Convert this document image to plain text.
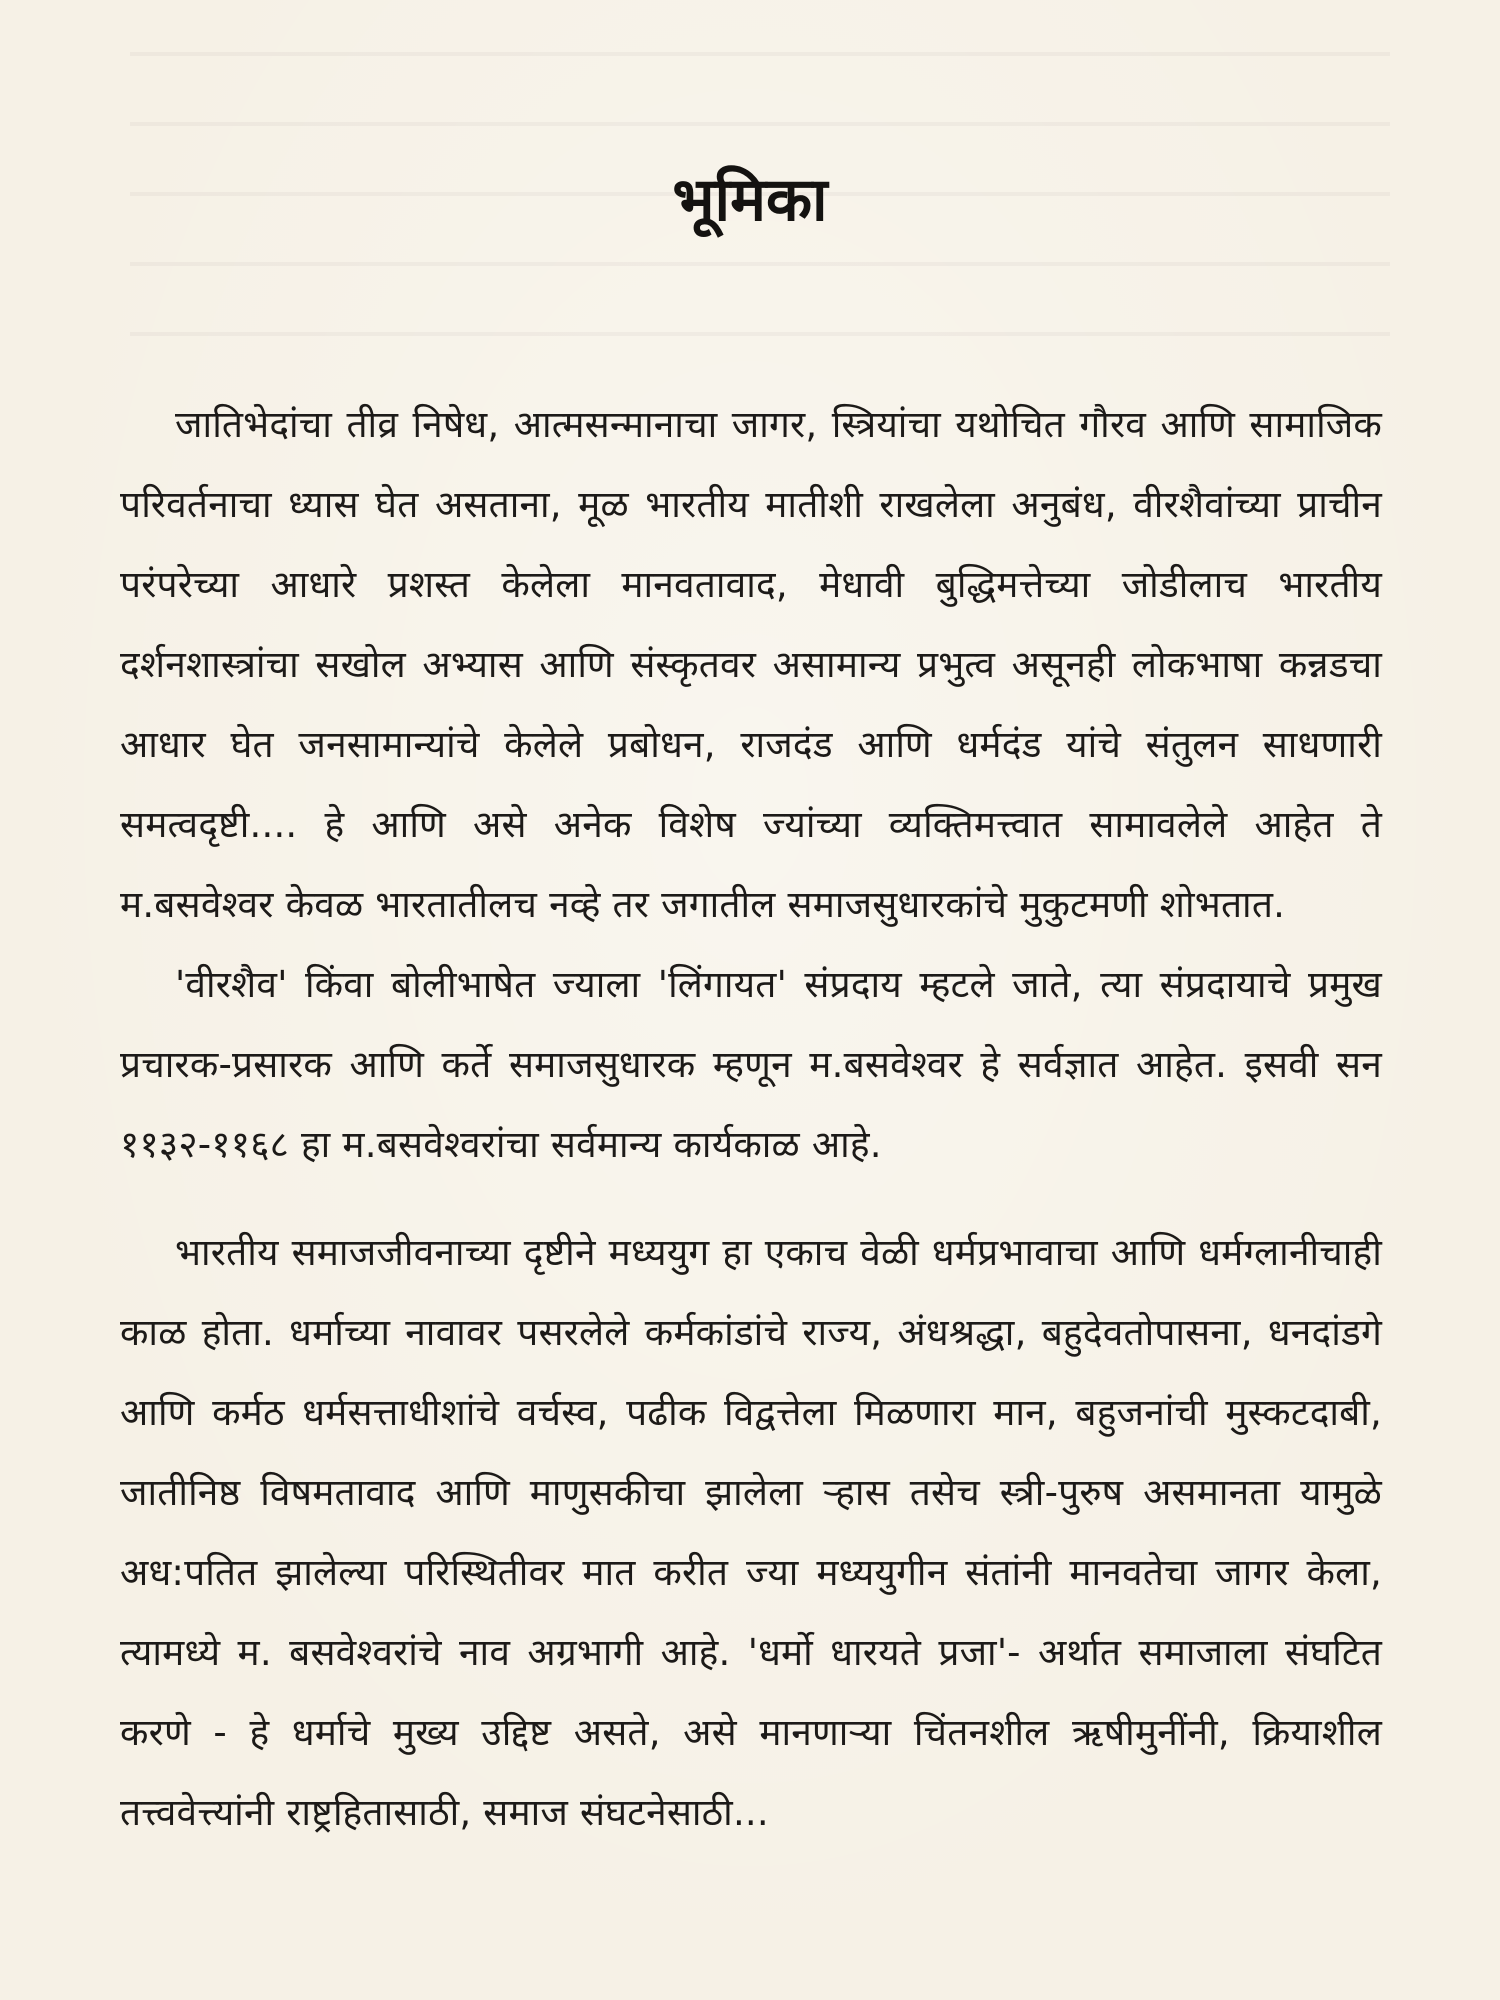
भूमिका

जातिभेदांचा तीव्र निषेध, आत्मसन्मानाचा जागर, स्त्रियांचा यथोचित गौरव आणि सामाजिक परिवर्तनाचा ध्यास घेत असताना, मूळ भारतीय मातीशी राखलेला अनुबंध, वीरशैवांच्या प्राचीन परंपरेच्या आधारे प्रशस्त केलेला मानवतावाद, मेधावी बुद्धिमत्तेच्या जोडीलाच भारतीय दर्शनशास्त्रांचा सखोल अभ्यास आणि संस्कृतवर असामान्य प्रभुत्व असूनही लोकभाषा कन्नडचा आधार घेत जनसामान्यांचे केलेले प्रबोधन, राजदंड आणि धर्मदंड यांचे संतुलन साधणारी समत्वदृष्टी.... हे आणि असे अनेक विशेष ज्यांच्या व्यक्तिमत्त्वात सामावलेले आहेत ते म.बसवेश्वर केवळ भारतातीलच नव्हे तर जगातील समाजसुधारकांचे मुकुटमणी शोभतात.

'वीरशैव' किंवा बोलीभाषेत ज्याला 'लिंगायत' संप्रदाय म्हटले जाते, त्या संप्रदायाचे प्रमुख प्रचारक-प्रसारक आणि कर्ते समाजसुधारक म्हणून म.बसवेश्वर हे सर्वज्ञात आहेत. इसवी सन ११३२-११६८ हा म.बसवेश्वरांचा सर्वमान्य कार्यकाळ आहे.

भारतीय समाजजीवनाच्या दृष्टीने मध्ययुग हा एकाच वेळी धर्मप्रभावाचा आणि धर्मग्लानीचाही काळ होता. धर्माच्या नावावर पसरलेले कर्मकांडांचे राज्य, अंधश्रद्धा, बहुदेवतोपासना, धनदांडगे आणि कर्मठ धर्मसत्ताधीशांचे वर्चस्व, पढीक विद्वत्तेला मिळणारा मान, बहुजनांची मुस्कटदाबी, जातीनिष्ठ विषमतावाद आणि माणुसकीचा झालेला ऱ्हास तसेच स्त्री-पुरुष असमानता यामुळे अध:पतित झालेल्या परिस्थितीवर मात करीत ज्या मध्ययुगीन संतांनी मानवतेचा जागर केला, त्यामध्ये म. बसवेश्वरांचे नाव अग्रभागी आहे. 'धर्मो धारयते प्रजा'- अर्थात समाजाला संघटित करणे - हे धर्माचे मुख्य उद्दिष्ट असते, असे मानणाऱ्या चिंतनशील ऋषीमुनींनी, क्रियाशील तत्त्ववेत्त्यांनी राष्ट्रहितासाठी, समाज संघटनेसाठी...
